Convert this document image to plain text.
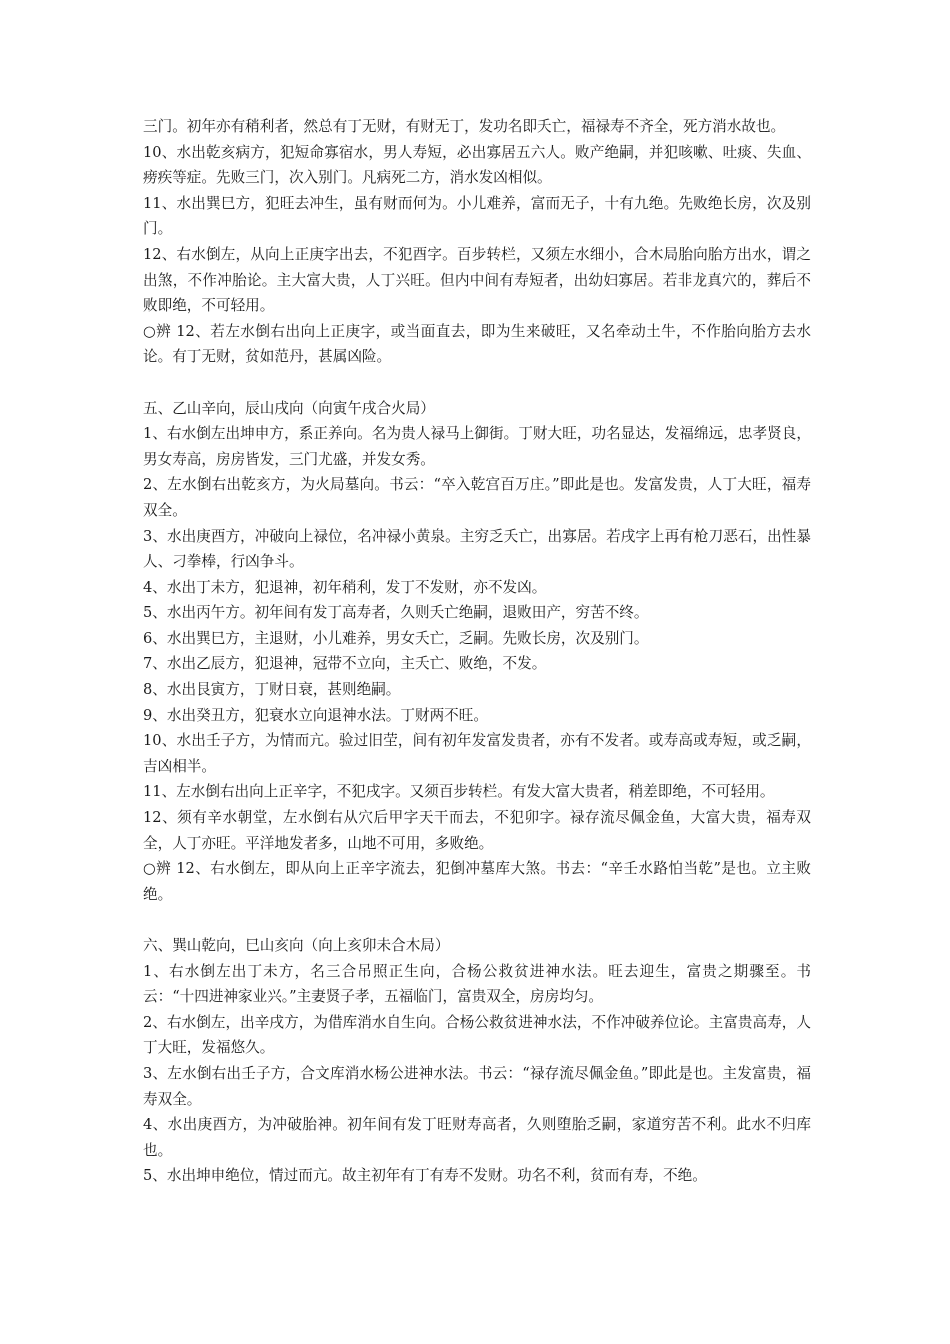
三门。初年亦有稍利者，然总有丁无财，有财无丁，发功名即夭亡，福禄寿不齐全，死方消水故也。

10、水出乾亥病方，犯短命寡宿水，男人寿短，必出寡居五六人。败产绝嗣，并犯咳嗽、吐痰、失血、痨疾等症。先败三门，次入别门。凡病死二方，消水发凶相似。

11、水出巽巳方，犯旺去冲生，虽有财而何为。小儿难养，富而无子，十有九绝。先败绝长房，次及别门。

12、右水倒左，从向上正庚字出去，不犯酉字。百步转栏，又须左水细小，合木局胎向胎方出水，谓之出煞，不作冲胎论。主大富大贵，人丁兴旺。但内中间有寿短者，出幼妇寡居。若非龙真穴的，葬后不败即绝，不可轻用。

○辨 12、若左水倒右出向上正庚字，或当面直去，即为生来破旺，又名牵动土牛，不作胎向胎方去水论。有丁无财，贫如范丹，甚属凶险。

五、乙山辛向，辰山戌向（向寅午戌合火局）

1、右水倒左出坤申方，系正养向。名为贵人禄马上御街。丁财大旺，功名显达，发福绵远，忠孝贤良，男女寿高，房房皆发，三门尤盛，并发女秀。

2、左水倒右出乾亥方，为火局墓向。书云：“卒入乾宫百万庄。”即此是也。发富发贵，人丁大旺，福寿双全。

3、水出庚酉方，冲破向上禄位，名冲禄小黄泉。主穷乏夭亡，出寡居。若戌字上再有枪刀恶石，出性暴人、刁拳棒，行凶争斗。

4、水出丁未方，犯退神，初年稍利，发丁不发财，亦不发凶。

5、水出丙午方。初年间有发丁高寿者，久则夭亡绝嗣，退败田产，穷苦不终。

6、水出巽巳方，主退财，小儿难养，男女夭亡，乏嗣。先败长房，次及别门。

7、水出乙辰方，犯退神，冠带不立向，主夭亡、败绝，不发。

8、水出艮寅方，丁财日衰，甚则绝嗣。

9、水出癸丑方，犯衰水立向退神水法。丁财两不旺。

10、水出壬子方，为情而亢。验过旧茔，间有初年发富发贵者，亦有不发者。或寿高或寿短，或乏嗣，吉凶相半。

11、左水倒右出向上正辛字，不犯戌字。又须百步转栏。有发大富大贵者，稍差即绝，不可轻用。

12、须有辛水朝堂，左水倒右从穴后甲字天干而去，不犯卯字。禄存流尽佩金鱼，大富大贵，福寿双全，人丁亦旺。平洋地发者多，山地不可用，多败绝。

○辨 12、右水倒左，即从向上正辛字流去，犯倒冲墓库大煞。书去：“辛壬水路怕当乾”是也。立主败绝。

六、巽山乾向，巳山亥向（向上亥卯未合木局）

1、右水倒左出丁未方，名三合吊照正生向，合杨公救贫进神水法。旺去迎生，富贵之期骤至。书云：“十四进神家业兴。”主妻贤子孝，五福临门，富贵双全，房房均匀。

2、右水倒左，出辛戌方，为借库消水自生向。合杨公救贫进神水法，不作冲破养位论。主富贵高寿，人丁大旺，发福悠久。

3、左水倒右出壬子方，合文库消水杨公进神水法。书云：“禄存流尽佩金鱼。”即此是也。主发富贵，福寿双全。

4、水出庚酉方，为冲破胎神。初年间有发丁旺财寿高者，久则堕胎乏嗣，家道穷苦不利。此水不归库也。

5、水出坤申绝位，情过而亢。故主初年有丁有寿不发财。功名不利，贫而有寿，不绝。
